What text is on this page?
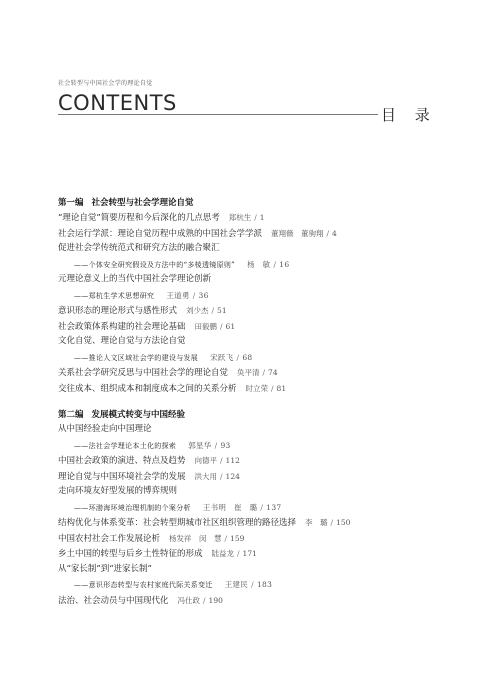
社会转型与中国社会学的理论自觉
CONTENTS	目 录
第一编 社会转型与社会学理论自觉
“理论自觉”简要历程和今后深化的几点思考 郑杭生 / 1
社会运行学派：理论自觉历程中成熟的中国社会学学派 董翔薇　董驹翔 / 4
促进社会学传统范式和研究方法的融合聚汇
——个体安全研究假设及方法中的“多棱透镜原则” 杨　敏 / 16
元理论意义上的当代中国社会学理论创新
——郑杭生学术思想研究 王道勇 / 36
意识形态的理论形式与感性形式 刘少杰 / 51
社会政策体系构建的社会理论基础 田毅鹏 / 61
文化自觉、理论自觉与方法论自觉
——推论人文区域社会学的建设与发展 宋跃飞 / 68
关系社会学研究反思与中国社会学的理论自觉 奂平清 / 74
交往成本、组织成本和制度成本之间的关系分析 时立荣 / 81
第二编 发展模式转变与中国经验
从中国经验走向中国理论
——法社会学理论本土化的探索 郭星华 / 93
中国社会政策的演进、特点及趋势 向德平 / 112
理论自觉与中国环境社会学的发展 洪大用 / 124
走向环境友好型发展的博弈规则
——环渤海环境治理机制的个案分析 王书明　崔　璐 / 137
结构优化与体系变革：社会转型期城市社区组织管理的路径选择 李　璐 / 150
中国农村社会工作发展论析 杨发祥　闵　慧 / 159
乡土中国的转型与后乡土性特征的形成 陆益龙 / 171
从“家长制”到“进家长制”
——意识形态转型与农村家庭代际关系变迁 王建民 / 183
法治、社会动员与中国现代化 冯仕政 / 190
